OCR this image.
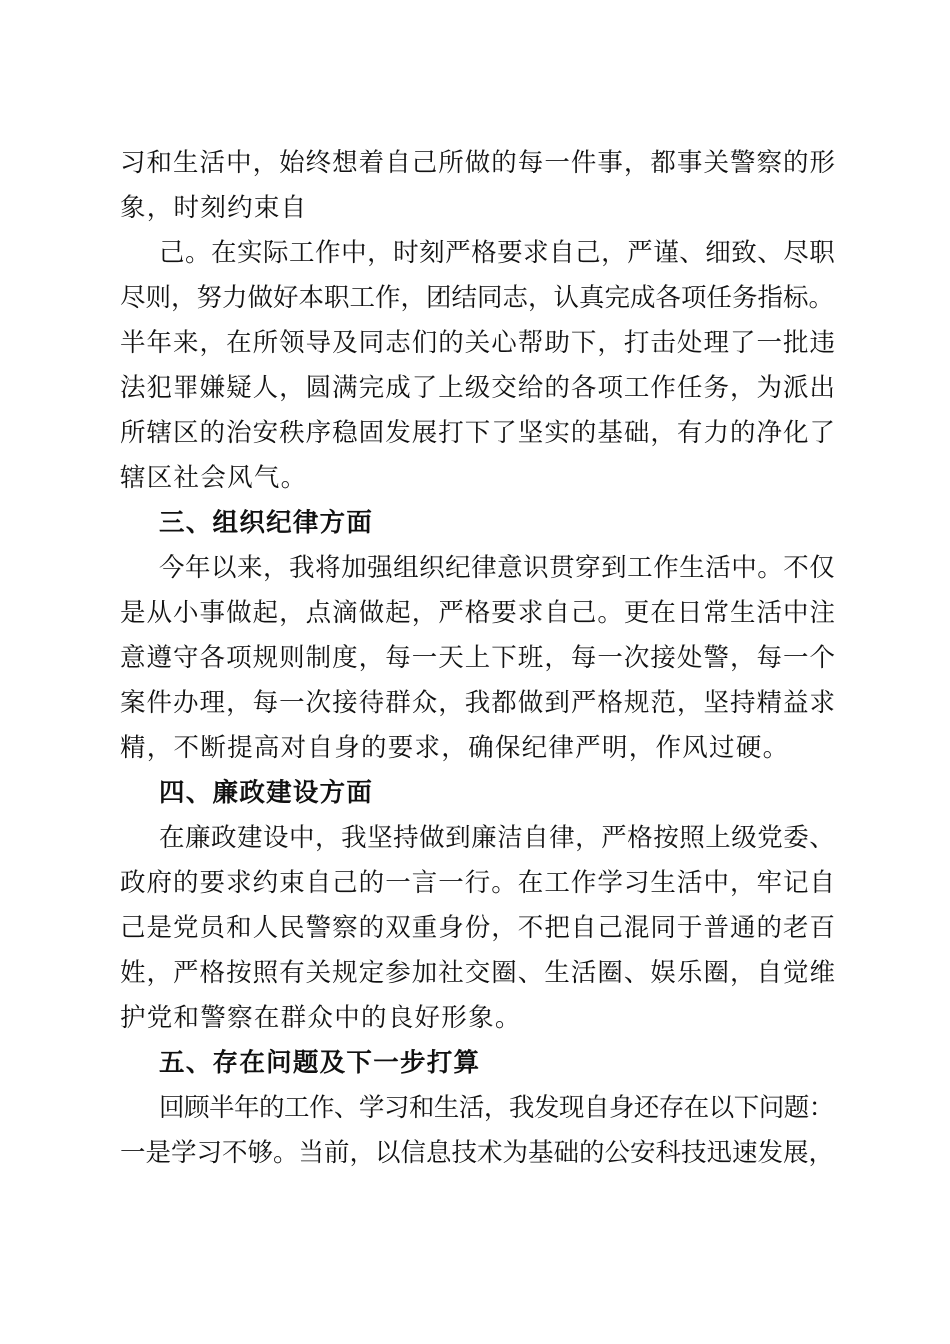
习和生活中，始终想着自己所做的每一件事，都事关警察的形
象，时刻约束自
己。在实际工作中，时刻严格要求自己，严谨、细致、尽职
尽则，努力做好本职工作，团结同志，认真完成各项任务指标。
半年来，在所领导及同志们的关心帮助下，打击处理了一批违
法犯罪嫌疑人，圆满完成了上级交给的各项工作任务，为派出
所辖区的治安秩序稳固发展打下了坚实的基础，有力的净化了
辖区社会风气。
三、组织纪律方面
今年以来，我将加强组织纪律意识贯穿到工作生活中。不仅
是从小事做起，点滴做起，严格要求自己。更在日常生活中注
意遵守各项规则制度，每一天上下班，每一次接处警，每一个
案件办理，每一次接待群众，我都做到严格规范，坚持精益求
精，不断提高对自身的要求，确保纪律严明，作风过硬。
四、廉政建设方面
在廉政建设中，我坚持做到廉洁自律，严格按照上级党委、
政府的要求约束自己的一言一行。在工作学习生活中，牢记自
己是党员和人民警察的双重身份，不把自己混同于普通的老百
姓，严格按照有关规定参加社交圈、生活圈、娱乐圈，自觉维
护党和警察在群众中的良好形象。
五、存在问题及下一步打算
回顾半年的工作、学习和生活，我发现自身还存在以下问题：
一是学习不够。当前，以信息技术为基础的公安科技迅速发展，
